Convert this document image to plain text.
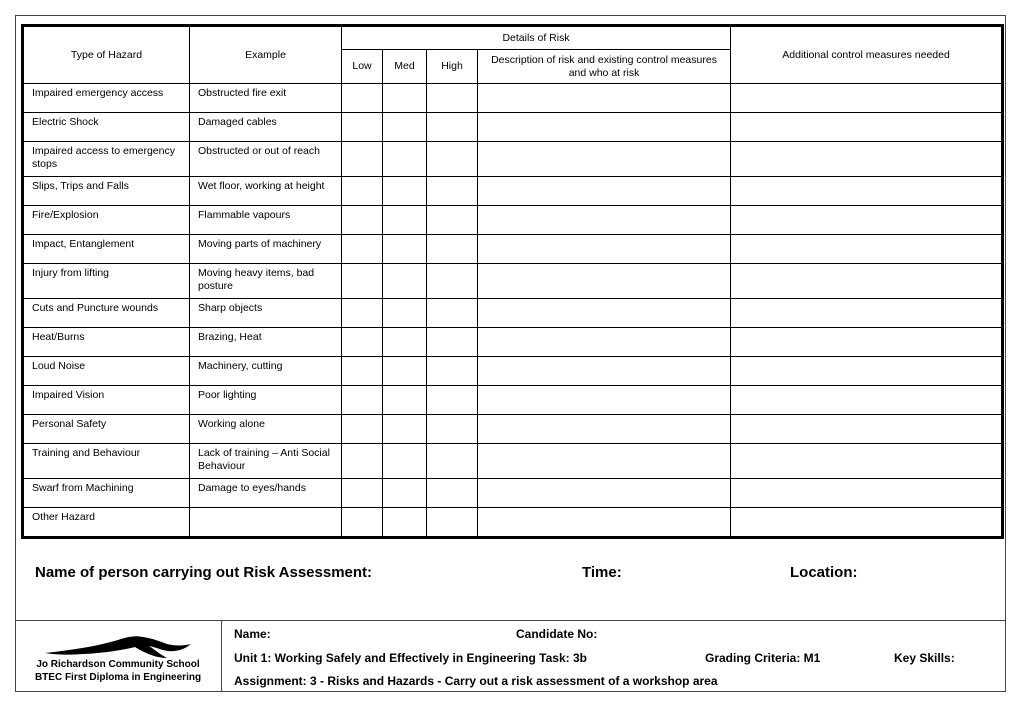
Type of Hazard	Example	Details of Risk				Additional control measures needed
		Low	Med	High	Description of risk and existing control measures and who at risk	
Impaired emergency access	Obstructed fire exit					
Electric Shock	Damaged cables					
Impaired access to emergency stops	Obstructed or out of reach					
Slips, Trips and Falls	Wet floor, working at height					
Fire/Explosion	Flammable vapours					
Impact, Entanglement	Moving parts of machinery					
Injury from lifting	Moving heavy items, bad posture					
Cuts and Puncture wounds	Sharp objects					
Heat/Burns	Brazing, Heat					
Loud Noise	Machinery, cutting					
Impaired Vision	Poor lighting					
Personal Safety	Working alone					
Training and Behaviour	Lack of training – Anti Social Behaviour					
Swarf from Machining	Damage to eyes/hands					
Other Hazard						
Name of person carrying out Risk Assessment:	Time:	Location:
Jo Richardson Community School
BTEC First Diploma in Engineering
Name:	Candidate No:
Unit 1: Working Safely and Effectively in Engineering Task: 3b	Grading Criteria: M1	Key Skills:
Assignment: 3 - Risks and Hazards - Carry out a risk assessment of a workshop area
